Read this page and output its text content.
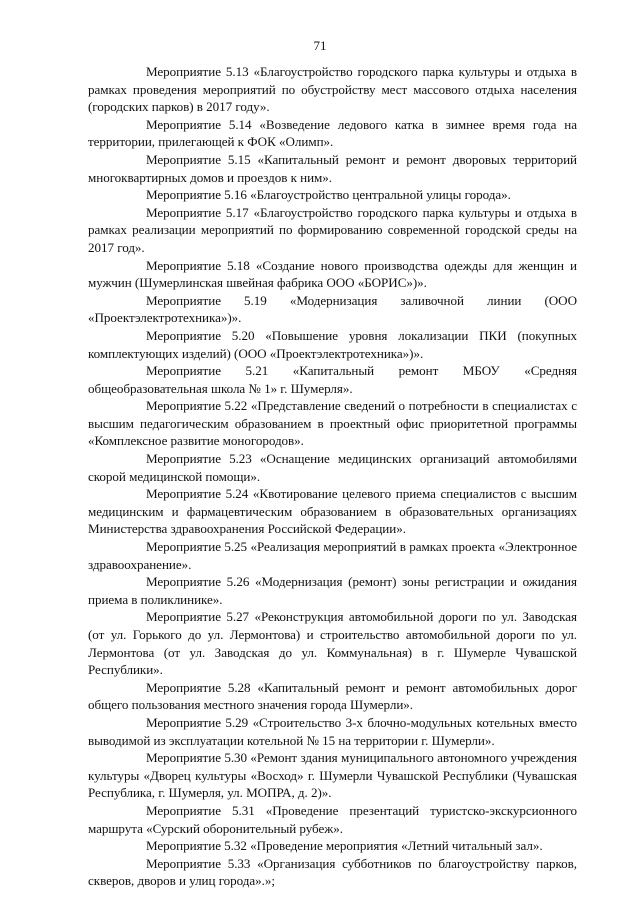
71

Мероприятие 5.13 «Благоустройство городского парка культуры и отдыха в рамках проведения мероприятий по обустройству мест массового отдыха населения (городских парков) в 2017 году».

Мероприятие 5.14 «Возведение ледового катка в зимнее время года на территории, прилегающей к ФОК «Олимп».

Мероприятие 5.15 «Капитальный ремонт и ремонт дворовых территорий многоквартирных домов и проездов к ним».

Мероприятие 5.16 «Благоустройство центральной улицы города».

Мероприятие 5.17 «Благоустройство городского парка культуры и отдыха в рамках реализации мероприятий по формированию современной городской среды на 2017 год».

Мероприятие 5.18 «Создание нового производства одежды для женщин и мужчин (Шумерлинская швейная фабрика ООО «БОРИС»)».

Мероприятие 5.19 «Модернизация заливочной линии (ООО «Проектэлектротехника»)».

Мероприятие 5.20 «Повышение уровня локализации ПКИ (покупных комплектующих изделий) (ООО «Проектэлектротехника»)».

Мероприятие 5.21 «Капитальный ремонт МБОУ «Средняя общеобразовательная школа № 1» г. Шумерля».

Мероприятие 5.22 «Представление сведений о потребности в специалистах с высшим педагогическим образованием в проектный офис приоритетной программы «Комплексное развитие моногородов».

Мероприятие 5.23 «Оснащение медицинских организаций автомобилями скорой медицинской помощи».

Мероприятие 5.24 «Квотирование целевого приема специалистов с высшим медицинским и фармацевтическим образованием в образовательных организациях Министерства здравоохранения Российской Федерации».

Мероприятие 5.25 «Реализация мероприятий в рамках проекта «Электронное здравоохранение».

Мероприятие 5.26 «Модернизация (ремонт) зоны регистрации и ожидания приема в поликлинике».

Мероприятие 5.27 «Реконструкция автомобильной дороги по ул. Заводская (от ул. Горького до ул. Лермонтова) и строительство автомобильной дороги по ул. Лермонтова (от ул. Заводская до ул. Коммунальная) в г. Шумерле Чувашской Республики».

Мероприятие 5.28 «Капитальный ремонт и ремонт автомобильных дорог общего пользования местного значения города Шумерли».

Мероприятие 5.29 «Строительство 3-х блочно-модульных котельных вместо выводимой из эксплуатации котельной № 15 на территории г. Шумерли».

Мероприятие 5.30 «Ремонт здания муниципального автономного учреждения культуры «Дворец культуры «Восход» г. Шумерли Чувашской Республики (Чувашская Республика, г. Шумерля, ул. МОПРА, д. 2)».

Мероприятие 5.31 «Проведение презентаций туристско-экскурсионного маршрута «Сурский оборонительный рубеж».

Мероприятие 5.32 «Проведение мероприятия «Летний читальный зал».

Мероприятие 5.33 «Организация субботников по благоустройству парков, скверов, дворов и улиц города».»;
